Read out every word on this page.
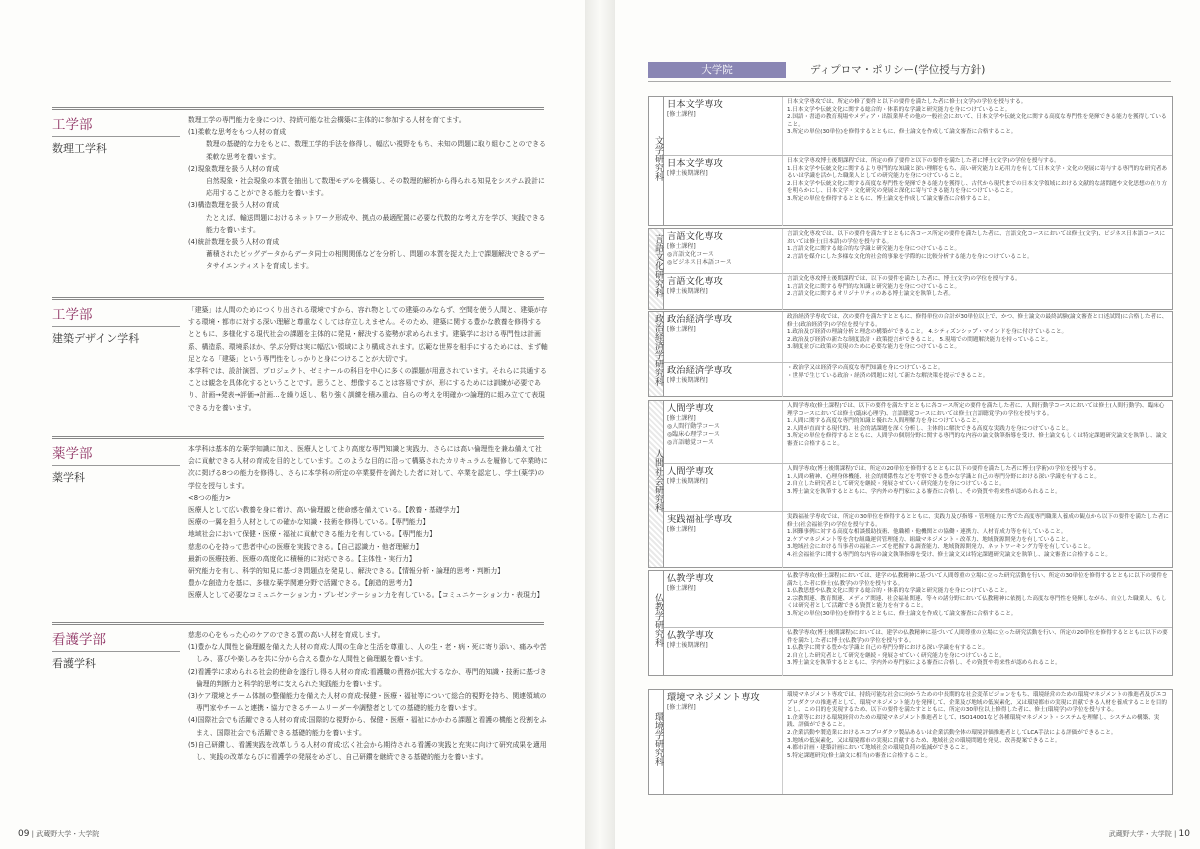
工学部
数理工学科

数理工学の専門能力を身につけ、持続可能な社会構築に主体的に参加する人材を育てます。

(1)柔軟な思考をもつ人材の育成

数理の基礎的な力をもとに、数理工学的手法を修得し、幅広い視野をもち、未知の問題に取り組むことのできる柔軟な思考を養います。

(2)現象数理を扱う人材の育成

自然現象・社会現象の本質を抽出して数理モデルを構築し、その数理的解析から得られる知見をシステム設計に応用することができる能力を養います。

(3)構造数理を扱う人材の育成

たとえば、輸送問題におけるネットワーク形成や、拠点の最適配置に必要な代数的な考え方を学び、実践できる能力を養います。

(4)統計数理を扱う人材の育成

蓄積されたビッグデータからデータ同士の相関関係などを分析し、問題の本質を捉えた上で課題解決できるデータサイエンティストを育成します。

工学部
建築デザイン学科

「建築」は人間のためにつくり出される環境ですから、容れ物としての建築のみならず、空間を使う人間と、建築が存する環境・都市に対する深い理解と尊重なくしては存立しえません。そのため、建築に関する豊かな教養を修得するとともに、多様化する現代社会の課題を主体的に発見・解決する姿勢が求められます。建築学における専門性は計画系、構造系、環境系ほか、学ぶ分野は実に幅広い領域により構成されます。広範な世界を相手にするためには、まず軸足となる「建築」という専門性をしっかりと身につけることが大切です。

本学科では、設計演習、プロジェクト、ゼミナールの科目を中心に多くの課題が用意されています。それらに共通することは観念を具体化するということです。思うこと、想像することは容易ですが、形にするためには訓練が必要であり、計画→発表→評価→計画…を繰り返し、粘り強く訓練を積み重ね、自らの考えを明確かつ論理的に組み立てて表現できる力を養います。

薬学部
薬学科

本学科は基本的な薬学知識に加え、医療人としてより高度な専門知識と実践力、さらには高い倫理性を兼ね備えて社会に貢献できる人材の育成を目的としています。このような目的に沿って構築されたカリキュラムを履修して卒業時に次に掲げる8つの能力を修得し、さらに本学科の所定の卒業要件を満たした者に対して、卒業を認定し、学士(薬学)の学位を授与します。

<8つの能力>

医療人として広い教養を身に着け、高い倫理観と使命感を備えている。【教養・基礎学力】

医療の一翼を担う人材としての確かな知識・技術を修得している。【専門能力】

地域社会において保健・医療・福祉に貢献できる能力を有している。【専門能力】

慈悲の心を持って患者中心の医療を実践できる。【自己認識力・他者理解力】

最新の医療技術、医療の高度化に積極的に対応できる。【主体性・実行力】

研究能力を有し、科学的知見に基づき問題点を発見し、解決できる。【情報分析・論理的思考・判断力】

豊かな創造力を基に、多様な薬学関連分野で活躍できる。【創造的思考力】

医療人として必要なコミュニケーション力・プレゼンテーション力を有している。【コミュニケーション力・表現力】

看護学部
看護学科

慈悲の心をもった心のケアのできる質の高い人材を育成します。

(1)豊かな人間性と倫理観を備えた人材の育成:人間の生命と生活を尊重し、人の生・老・病・死に寄り添い、痛みや苦しみ、喜びや楽しみを共に分から合える豊かな人間性と倫理観を養います。

(2)看護学に求められる社会的使命を遂行し得る人材の育成:看護職の責務が拡大するなか、専門的知識・技術に基づき倫理的判断力と科学的思考に支えられた実践能力を養います。

(3)ケア環境とチーム体制の整備能力を備えた人材の育成:保健・医療・福祉等について総合的視野を持ち、関連領域の専門家やチームと連携・協力できるチームリーダーや調整者としての基礎的能力を養います。

(4)国際社会でも活躍できる人材の育成:国際的な視野から、保健・医療・福祉にかかわる課題と看護の機能と役割をふまえ、国際社会でも活躍できる基礎的能力を養います。

(5)自己研鑽し、看護実践を改革しうる人材の育成:広く社会から期待される看護の実践と充実に向けて研究成果を適用し、実践の改革ならびに看護学の発展をめざし、自己研鑽を継続できる基礎的能力を養います。

09 | 武蔵野大学・大学院
大学院	ディプロマ・ポリシー(学位授与方針)
文学研究科
日本文学専攻
[修士課程]

日本文学専攻では、所定の修了要件と以下の要件を満たした者に修士(文学)の学位を授与する。

1.日本文学や伝統文化に関する総合的・体系的な学識と研究能力を身につけていること。

2.国語・書道の教育現場やメディア・出版業界その他の一般社会において、日本文学や伝統文化に関する高度な専門性を発揮できる能力を獲得していること。

3.所定の単位(30単位)を修得するとともに、修士論文を作成して論文審査に合格すること。

日本文学専攻
[博士後期課程]

日本文学専攻博士後期課程では、所定の修了要件と以下の要件を満たした者に博士(文学)の学位を授与する。

1.日本文学や伝統文化に関するより専門的な知識と深い理解をもち、高い研究能力と応用力を有して日本文学・文化の発展に寄与する専門的な研究者あるいは学識を活かした職業人としての研究能力を身につけていること。

2.日本文学や伝統文化に関する高度な専門性を発揮できる能力を獲得し、古代から現代までの日本文学領域における文献的な諸問題や文化思想の在り方を明らかにし、日本文学・文化研究の発展と深化に寄与できる能力を身につけていること。

3.所定の単位を修得するとともに、博士論文を作成して論文審査に合格すること。

言語文化研究科 言語文化専攻
[修士課程]
◎言語文化コース
◎ビジネス日本語コース

言語文化専攻では、以下の要件を満たすとともに各コース所定の要件を満たした者に、言語文化コースにおいては修士(文学)、ビジネス日本語コースにおいては修士(日本語)の学位を授与する。

1.言語文化に関する総合的な学識と研究能力を身につけていること。

2.言語を媒介にした多様な文化的社会的事象を学際的に比較分析する能力を身につけていること。

言語文化専攻
[博士後期課程]

言語文化専攻博士後期課程では、以下の要件を満たした者に、博士(文学)の学位を授与する。

1.言語文化に関する専門的な知識と研究能力を身につけていること。

2.言語文化に関するオリジナリティのある博士論文を執筆した者。

政治経済学研究科 政治経済学専攻
[修士課程]

政治経済学専攻では、次の要件を満たすとともに、修得単位の合計が30単位以上で、かつ、修士論文の最終試験(論文審査と口述試問)に合格した者に、修士(政治経済学)の学位を授与する。

1.政治及び経済の理論分析と理念の構築ができること。 4.シティズンシップ・マインドを身に付けていること。

2.政治及び経済の新たな制度設計・政策提言ができること。 5.現場での問題解決能力を持っていること。

3.制度並びに政策の実現のために必要な能力を身につけていること。

政治経済学専攻
[博士後期課程]

・政治学又は経済学の高度な専門知識を身につけていること。

・世界で生じている政治・経済の問題に対して新たな解決策を提示できること。

人間社会研究科
人間学専攻
[修士課程]
◎人間行動学コース
◎臨床心理学コース
◎言語聴覚コース

人間学専攻(修士課程)では、以下の要件を満たすとともに各コース所定の要件を満たした者に、人間行動学コースにおいては修士(人間行動学)、臨床心理学コースにおいては修士(臨床心理学)、言語聴覚コースにおいては修士(言語聴覚学)の学位を授与する。

1.人間に関する高度な専門的知識と優れた人間理解力を身につけていること。

2.人間が直面する現代的、社会的諸課題を深く分析し、主体的に解決できる高度な実践力を身につけていること。

3.所定の単位を修得するとともに、人間学の個別分野に関する専門的な内容の論文執筆指導を受け、修士論文もしくは特定課題研究論文を執筆し、論文審査に合格すること。

人間学専攻
[博士後期課程]

人間学専攻(博士後期課程)では、所定の20単位を修得するとともに以下の要件を満たした者に博士(学術)の学位を授与する。

1.人間の精神、心理身体機能、社会的関係性などを考察できる豊かな学識と自己の専門分野における深い学識を有すること。

2.自立した研究者として研究を継続・発展させていく研究能力を身につけていること。

3.博士論文を執筆するとともに、学内外の専門家による審査に合格し、その資質や将来性が認められること。

実践福祉学専攻
[修士課程]

実践福祉学専攻では、所定の30単位を修得するとともに、実践力及び指導・管理能力に秀でた高度専門職業人養成の観点から以下の要件を満たした者に修士(社会福祉学)の学位を授与する。

1.困難事例に対する高度な相談援助技術、他職種・他機関との協働・連携力、人材育成力等を有していること。

2.ケアマネジメント等を含む組織運営管理能力、組織マネジメント・改革力、地域資源開発力を有していること。

3.地域社会における当事者の福祉ニーズを把握する調査能力、地域資源開発力、ネットワーキング力等を有していること。

4.社会福祉学に関する専門的な内容の論文執筆指導を受け、修士論文又は特定課題研究論文を執筆し、論文審査に合格すること。

仏教学研究科
仏教学専攻
[修士課程]

仏教学専攻(修士課程)においては、建学の仏教精神に基づいて人間尊重の立場に立った研究活動を行い、所定の30単位を修得するとともに以下の要件を満たした者に修士(仏教学)の学位を授与する。

1.仏教思想や仏教文化に関する総合的・体系的な学識と研究能力を身につけていること。

2.宗教関連、教育関連、メディア関連、社会福祉関連、等々の諸分野において仏教精神に依拠した高度な専門性を発揮しながら、自立した職業人、もしくは研究者として活躍できる資質と能力を有すること。

3.所定の単位(30単位)を修得するとともに、修士論文を作成して論文審査に合格すること。

仏教学専攻
[博士後期課程]

仏教学専攻(博士後期課程)においては、建学の仏教精神に基づいて人間尊重の立場に立った研究活動を行い、所定の20単位を修得するとともに以下の要件を満たした者に博士(仏教学)の学位を授与する。

1.仏教学に関する豊かな学識と自己の専門分野における深い学識を有すること。

2.自立した研究者として研究を継続・発展させていく研究能力を身につけていること。

3.博士論文を執筆するとともに、学内外の専門家による審査に合格し、その資質や将来性が認められること。

環境学研究科
環境マネジメント専攻
[修士課程]

環境マネジメント専攻では、持続可能な社会に向かうための中長期的な社会変革ビジョンをもち、環境経営のための環境マネジメントの推進者及びエコプロダクツの推進者として、環境マネジメント能力を発揮して、企業及び地域の低炭素化、又は環境都市の実現に貢献できる人材を養成することを目的とし、この目的を実現するため、以下の要件を満たすとともに、所定の30単位以上修得した者に、修士(環境学)の学位を授与する。

1.企業等における環境経営のための環境マネジメント推進者として、ISO14001など各種環境マネジメント・システムを理解し、システムの構築、実践、評価ができること。

2.企業活動や製造業におけるエコプロダクツ製品あるいは企業活動全体の環境評価推進者としてLCA手法による評価ができること。

3.地域の低炭素化、又は環境都市の実現に貢献するため、地域社会の環境問題を発見、改善提案できること。

4.都市計画・建築計画において地域社会の環境負荷の低減ができること。

5.特定課題研究(修士論文に相当)の審査に合格すること。

武蔵野大学・大学院 | 10
